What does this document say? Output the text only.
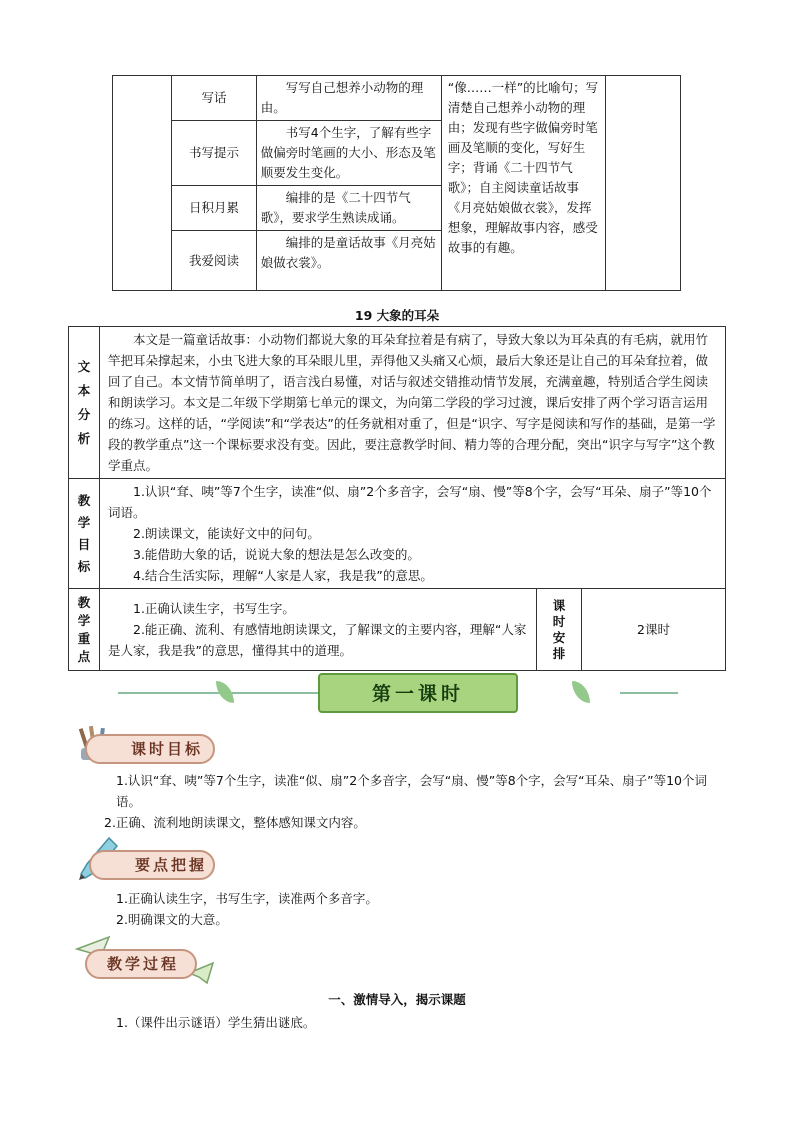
	写话	写写自己想养小动物的理由。	“像……一样”的比喻句；写清楚自己想养小动物的理由；发现有些字做偏旁时笔画及笔顺的变化，写好生字；背诵《二十四节气歌》；自主阅读童话故事《月亮姑娘做衣裳》，发挥想象，理解故事内容，感受故事的有趣。	
	书写提示	书写4个生字，了解有些字做偏旁时笔画的大小、形态及笔顺要发生变化。		
	日积月累	编排的是《二十四节气歌》，要求学生熟读成诵。		
	我爱阅读	编排的是童话故事《月亮姑娘做衣裳》。		
19 大象的耳朵
文本分析	本文是一篇童话故事：小动物们都说大象的耳朵耷拉着是有病了，导致大象以为耳朵真的有毛病，就用竹竿把耳朵撑起来，小虫飞进大象的耳朵眼儿里，弄得他又头痛又心烦，最后大象还是让自己的耳朵耷拉着，做回了自己。本文情节简单明了，语言浅白易懂，对话与叙述交错推动情节发展，充满童趣，特别适合学生阅读和朗读学习。本文是二年级下学期第七单元的课文，为向第二学段的学习过渡，课后安排了两个学习语言运用的练习。这样的话，“学阅读”和“学表达”的任务就相对重了，但是“识字、写字是阅读和写作的基础，是第一学段的教学重点”这一个课标要求没有变。因此，要注意教学时间、精力等的合理分配，突出“识字与写字”这个教学重点。		

教学目标	1.认识“耷、咦”等7个生字，读准“似、扇”2个多音字，会写“扇、慢”等8个字，会写“耳朵、扇子”等10个词语。
2.朗读课文，能读好文中的问句。
3.能借助大象的话，说说大象的想法是怎么改变的。
4.结合生活实际，理解“人家是人家，我是我”的意思。		

教学重点	1.正确认读生字，书写生字。
2.能正确、流利、有感情地朗读课文，了解课文的主要内容，理解“人家是人家，我是我”的意思，懂得其中的道理。	课时安排	2课时
第一课时
课时目标
1.认识“耷、咦”等7个生字，读准“似、扇”2个多音字，会写“扇、慢”等8个字，会写“耳朵、扇子”等10个词语。
2.正确、流利地朗读课文，整体感知课文内容。
要点把握
1.正确认读生字，书写生字，读准两个多音字。
2.明确课文的大意。
教学过程
一、激情导入，揭示课题
1.（课件出示谜语）学生猜出谜底。
